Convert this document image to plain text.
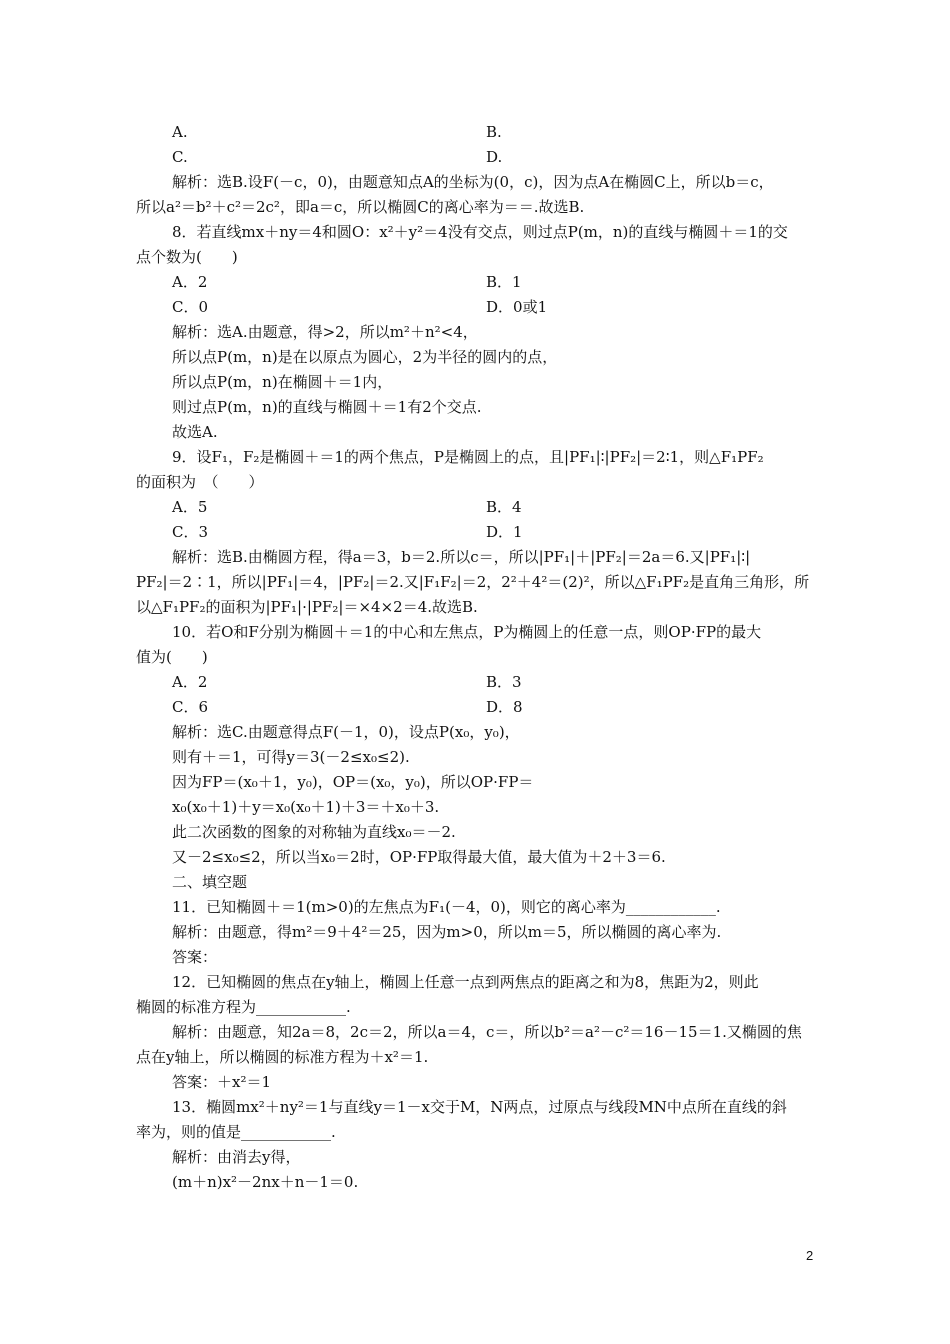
A.	B.
C.	D.
解析：选B.设F(－c，0)，由题意知点A的坐标为(0，c)，因为点A在椭圆C上，所以b＝c，
所以a²＝b²＋c²＝2c²，即a＝c，所以椭圆C的离心率为＝＝.故选B.
8．若直线mx＋ny＝4和圆O：x²＋y²＝4没有交点，则过点P(m，n)的直线与椭圆＋＝1的交
点个数为(　　)
A．2	B．1
C．0	D．0或1
解析：选A.由题意，得>2，所以m²＋n²<4，
所以点P(m，n)是在以原点为圆心，2为半径的圆内的点，
所以点P(m，n)在椭圆＋＝1内，
则过点P(m，n)的直线与椭圆＋＝1有2个交点.
故选A.
9．设F₁，F₂是椭圆＋＝1的两个焦点，P是椭圆上的点，且|PF₁|∶|PF₂|＝2∶1，则△F₁PF₂
的面积为　（　　）
A．5	B．4
C．3	D．1
解析：选B.由椭圆方程，得a＝3，b＝2.所以c＝，所以|PF₁|＋|PF₂|＝2a＝6.又|PF₁|∶|
PF₂|＝2∶1，所以|PF₁|＝4，|PF₂|＝2.又|F₁F₂|＝2，2²＋4²＝(2)²，所以△F₁PF₂是直角三角形，所
以△F₁PF₂的面积为|PF₁|·|PF₂|＝×4×2＝4.故选B.
10．若O和F分别为椭圆＋＝1的中心和左焦点，P为椭圆上的任意一点，则OP·FP的最大
值为(　　)
A．2	B．3
C．6	D．8
解析：选C.由题意得点F(－1，0)，设点P(x₀，y₀)，
则有＋＝1，可得y＝3(－2≤x₀≤2).
因为FP＝(x₀＋1，y₀)，OP＝(x₀，y₀)，所以OP·FP＝
x₀(x₀＋1)＋y＝x₀(x₀＋1)＋3＝＋x₀＋3.
此二次函数的图象的对称轴为直线x₀＝－2.
又－2≤x₀≤2，所以当x₀＝2时，OP·FP取得最大值，最大值为＋2＋3＝6.
二、填空题
11．已知椭圆＋＝1(m>0)的左焦点为F₁(－4，0)，则它的离心率为____________.
解析：由题意，得m²＝9＋4²＝25，因为m>0，所以m＝5，所以椭圆的离心率为.
答案：
12．已知椭圆的焦点在y轴上，椭圆上任意一点到两焦点的距离之和为8，焦距为2，则此
椭圆的标准方程为____________.
解析：由题意，知2a＝8，2c＝2，所以a＝4，c＝，所以b²＝a²－c²＝16－15＝1.又椭圆的焦
点在y轴上，所以椭圆的标准方程为＋x²＝1.
答案：＋x²＝1
13．椭圆mx²＋ny²＝1与直线y＝1－x交于M，N两点，过原点与线段MN中点所在直线的斜
率为，则的值是____________.
解析：由消去y得，
(m＋n)x²－2nx＋n－1＝0.
2
